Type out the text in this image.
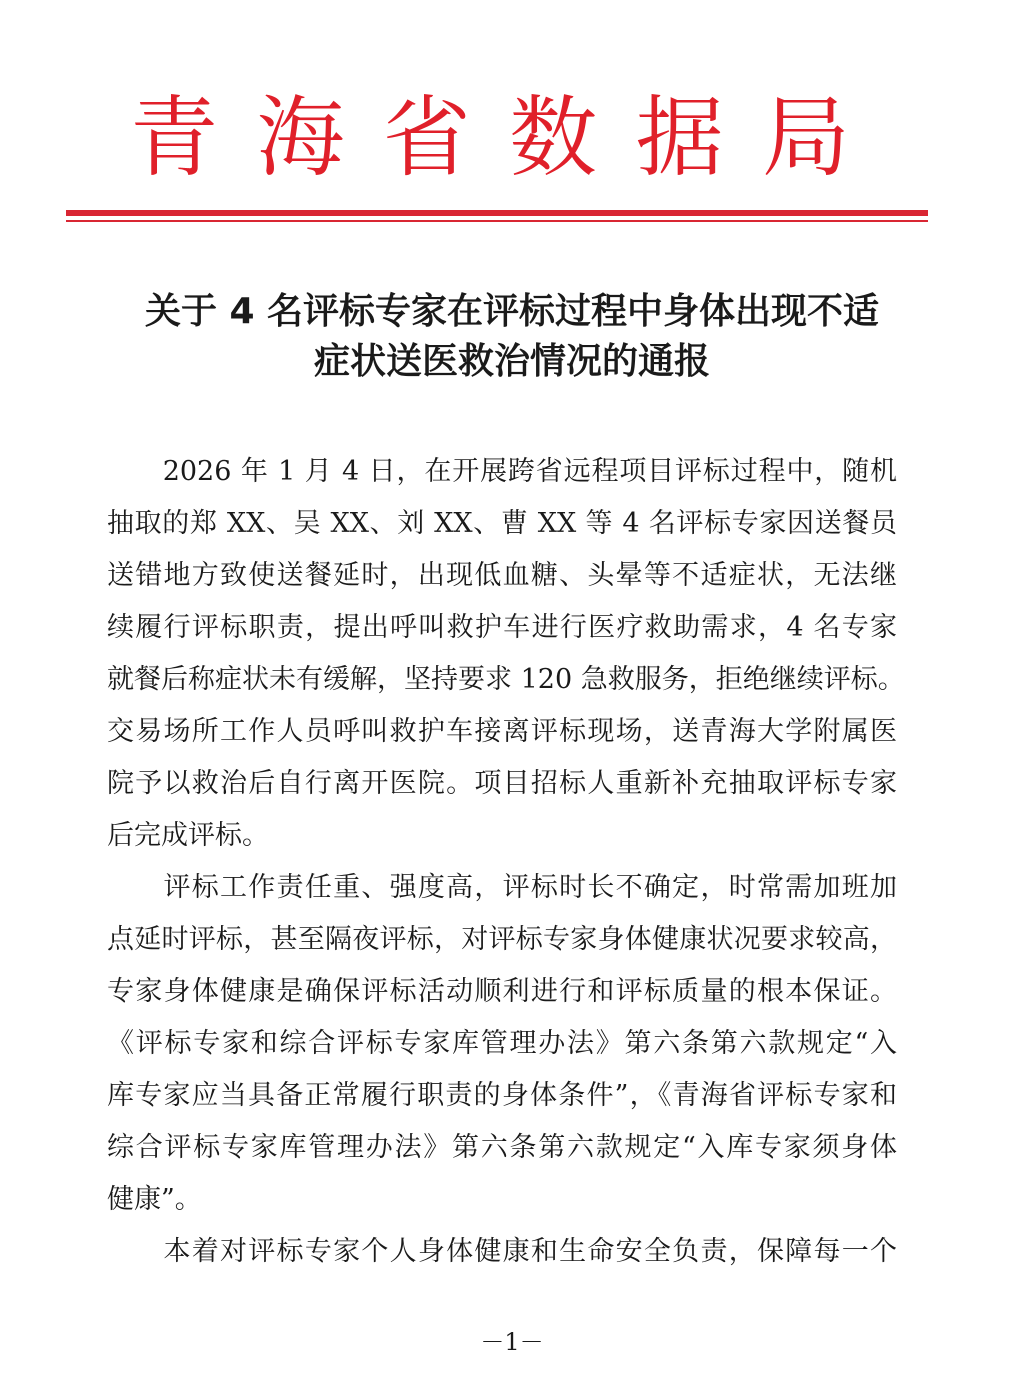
青 海 省 数 据 局
关于 4 名评标专家在评标过程中身体出现不适
症状送医救治情况的通报
　　2026 年 1 月 4 日，在开展跨省远程项目评标过程中，随机
抽取的郑 XX、吴 XX、刘 XX、曹 XX 等 4 名评标专家因送餐员
送错地方致使送餐延时，出现低血糖、头晕等不适症状，无法继
续履行评标职责，提出呼叫救护车进行医疗救助需求，4 名专家
就餐后称症状未有缓解，坚持要求 120 急救服务，拒绝继续评标。
交易场所工作人员呼叫救护车接离评标现场，送青海大学附属医
院予以救治后自行离开医院。项目招标人重新补充抽取评标专家
后完成评标。
　　评标工作责任重、强度高，评标时长不确定，时常需加班加
点延时评标，甚至隔夜评标，对评标专家身体健康状况要求较高，
专家身体健康是确保评标活动顺利进行和评标质量的根本保证。
《评标专家和综合评标专家库管理办法》第六条第六款规定“入
库专家应当具备正常履行职责的身体条件”，《青海省评标专家和
综合评标专家库管理办法》第六条第六款规定“入库专家须身体
健康”。
　　本着对评标专家个人身体健康和生命安全负责，保障每一个
－1－
